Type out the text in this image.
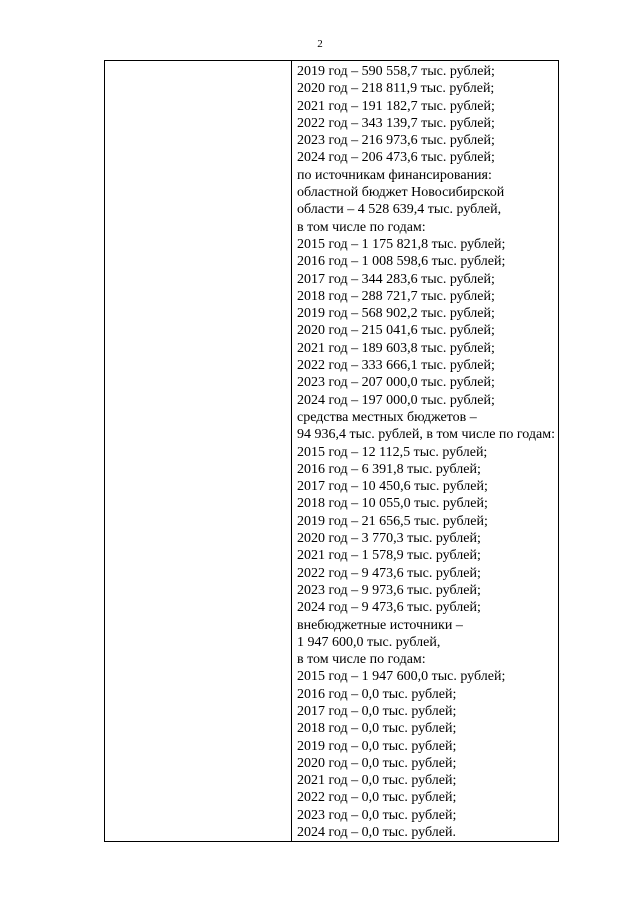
2
2019 год – 590 558,7 тыс. рублей;
2020 год – 218 811,9 тыс. рублей;
2021 год – 191 182,7 тыс. рублей;
2022 год – 343 139,7 тыс. рублей;
2023 год – 216 973,6 тыс. рублей;
2024 год – 206 473,6 тыс. рублей;
по источникам финансирования:
областной бюджет Новосибирской
области – 4 528 639,4 тыс. рублей,
в том числе по годам:
2015 год – 1 175 821,8 тыс. рублей;
2016 год – 1 008 598,6 тыс. рублей;
2017 год – 344 283,6 тыс. рублей;
2018 год – 288 721,7 тыс. рублей;
2019 год – 568 902,2 тыс. рублей;
2020 год – 215 041,6 тыс. рублей;
2021 год – 189 603,8 тыс. рублей;
2022 год – 333 666,1 тыс. рублей;
2023 год – 207 000,0 тыс. рублей;
2024 год – 197 000,0 тыс. рублей;
средства местных бюджетов –
94 936,4 тыс. рублей, в том числе по годам:
2015 год – 12 112,5 тыс. рублей;
2016 год – 6 391,8 тыс. рублей;
2017 год – 10 450,6 тыс. рублей;
2018 год – 10 055,0 тыс. рублей;
2019 год – 21 656,5 тыс. рублей;
2020 год – 3 770,3 тыс. рублей;
2021 год – 1 578,9 тыс. рублей;
2022 год – 9 473,6 тыс. рублей;
2023 год – 9 973,6 тыс. рублей;
2024 год – 9 473,6 тыс. рублей;
внебюджетные источники –
1 947 600,0 тыс. рублей,
в том числе по годам:
2015 год – 1 947 600,0 тыс. рублей;
2016 год – 0,0 тыс. рублей;
2017 год – 0,0 тыс. рублей;
2018 год – 0,0 тыс. рублей;
2019 год – 0,0 тыс. рублей;
2020 год – 0,0 тыс. рублей;
2021 год – 0,0 тыс. рублей;
2022 год – 0,0 тыс. рублей;
2023 год – 0,0 тыс. рублей;
2024 год – 0,0 тыс. рублей.
